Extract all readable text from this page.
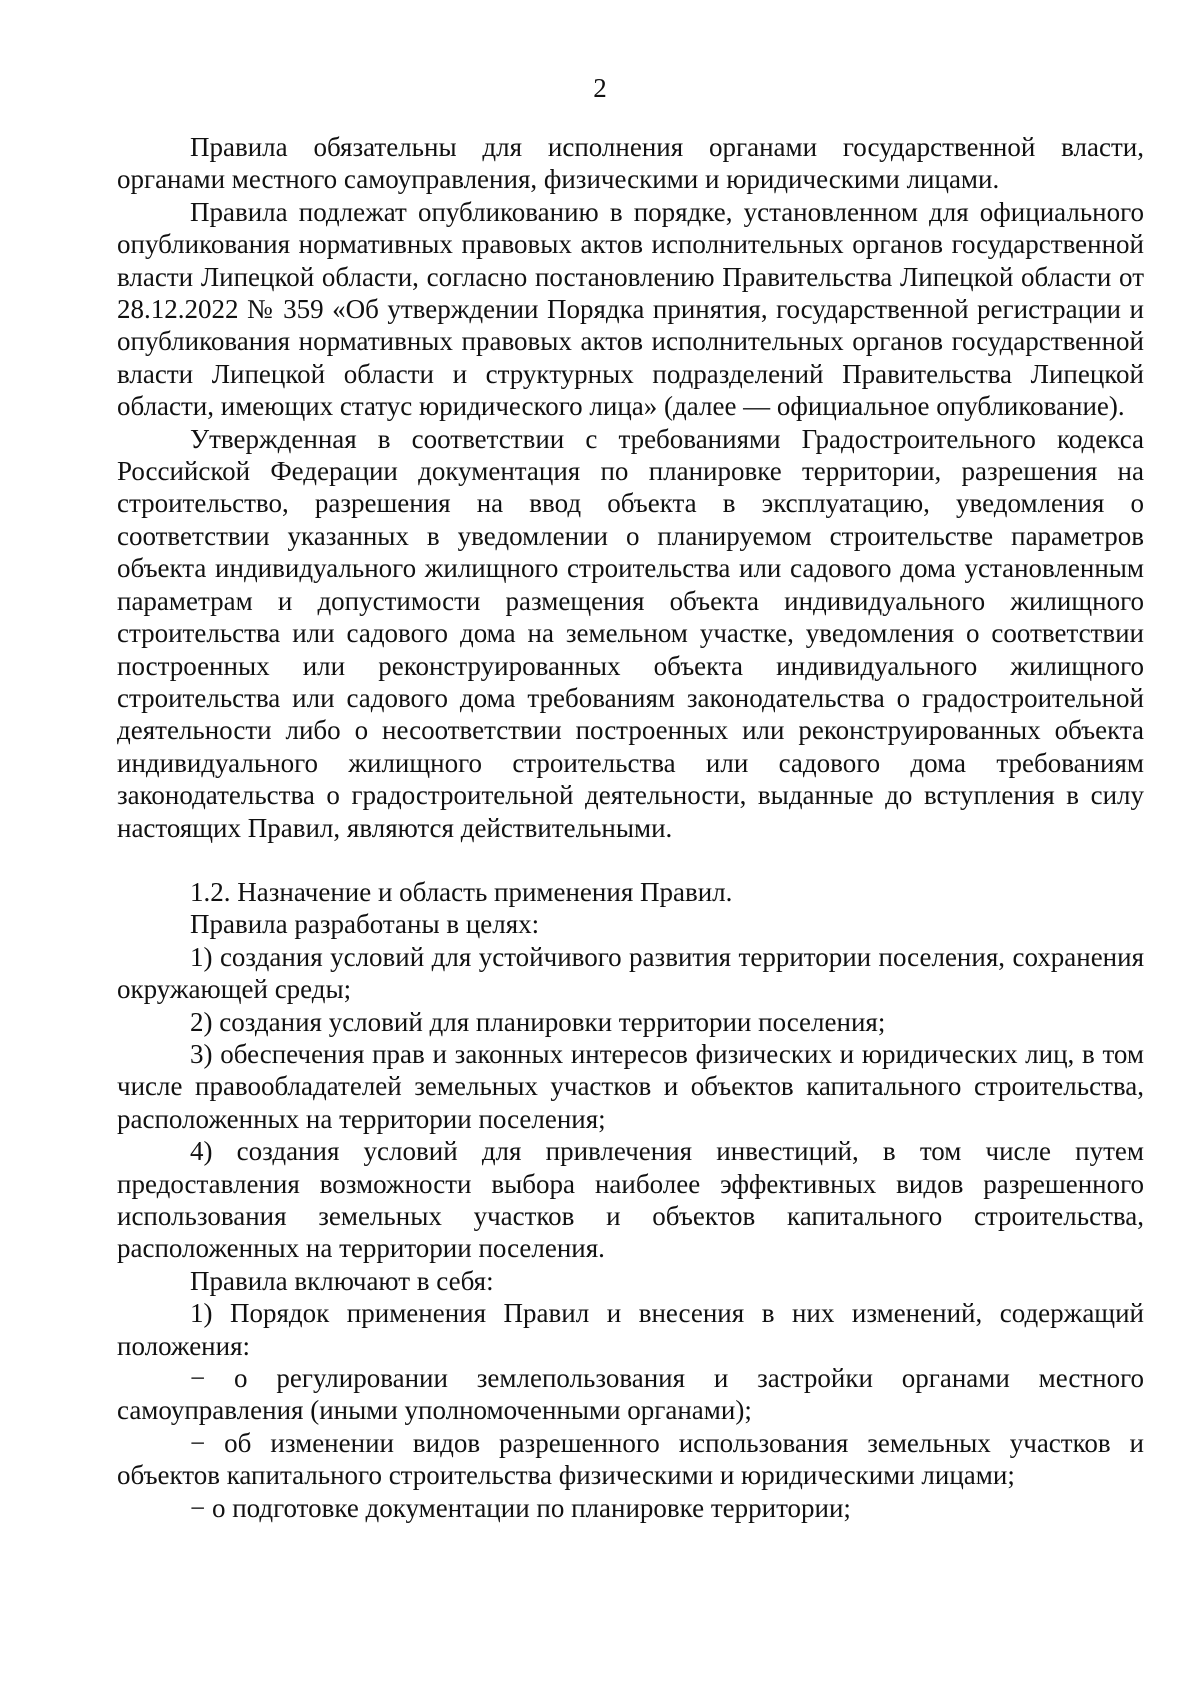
2

Правила обязательны для исполнения органами государственной власти, органами местного самоуправления, физическими и юридическими лицами.

Правила подлежат опубликованию в порядке, установленном для официального опубликования нормативных правовых актов исполнительных органов государственной власти Липецкой области, согласно постановлению Правительства Липецкой области от 28.12.2022 № 359 «Об утверждении Порядка принятия, государственной регистрации и опубликования нормативных правовых актов исполнительных органов государственной власти Липецкой области и структурных подразделений Правительства Липецкой области, имеющих статус юридического лица» (далее — официальное опубликование).

Утвержденная в соответствии с требованиями Градостроительного кодекса Российской Федерации документация по планировке территории, разрешения на строительство, разрешения на ввод объекта в эксплуатацию, уведомления о соответствии указанных в уведомлении о планируемом строительстве параметров объекта индивидуального жилищного строительства или садового дома установленным параметрам и допустимости размещения объекта индивидуального жилищного строительства или садового дома на земельном участке, уведомления о соответствии построенных или реконструированных объекта индивидуального жилищного строительства или садового дома требованиям законодательства о градостроительной деятельности либо о несоответствии построенных или реконструированных объекта индивидуального жилищного строительства или садового дома требованиям законодательства о градостроительной деятельности, выданные до вступления в силу настоящих Правил, являются действительными.

1.2. Назначение и область применения Правил.

Правила разработаны в целях:

1) создания условий для устойчивого развития территории поселения, сохранения окружающей среды;

2) создания условий для планировки территории поселения;

3) обеспечения прав и законных интересов физических и юридических лиц, в том числе правообладателей земельных участков и объектов капитального строительства, расположенных на территории поселения;

4) создания условий для привлечения инвестиций, в том числе путем предоставления возможности выбора наиболее эффективных видов разрешенного использования земельных участков и объектов капитального строительства, расположенных на территории поселения.

Правила включают в себя:

1) Порядок применения Правил и внесения в них изменений, содержащий положения:

− о регулировании землепользования и застройки органами местного самоуправления (иными уполномоченными органами);

− об изменении видов разрешенного использования земельных участков и объектов капитального строительства физическими и юридическими лицами;

− о подготовке документации по планировке территории;
